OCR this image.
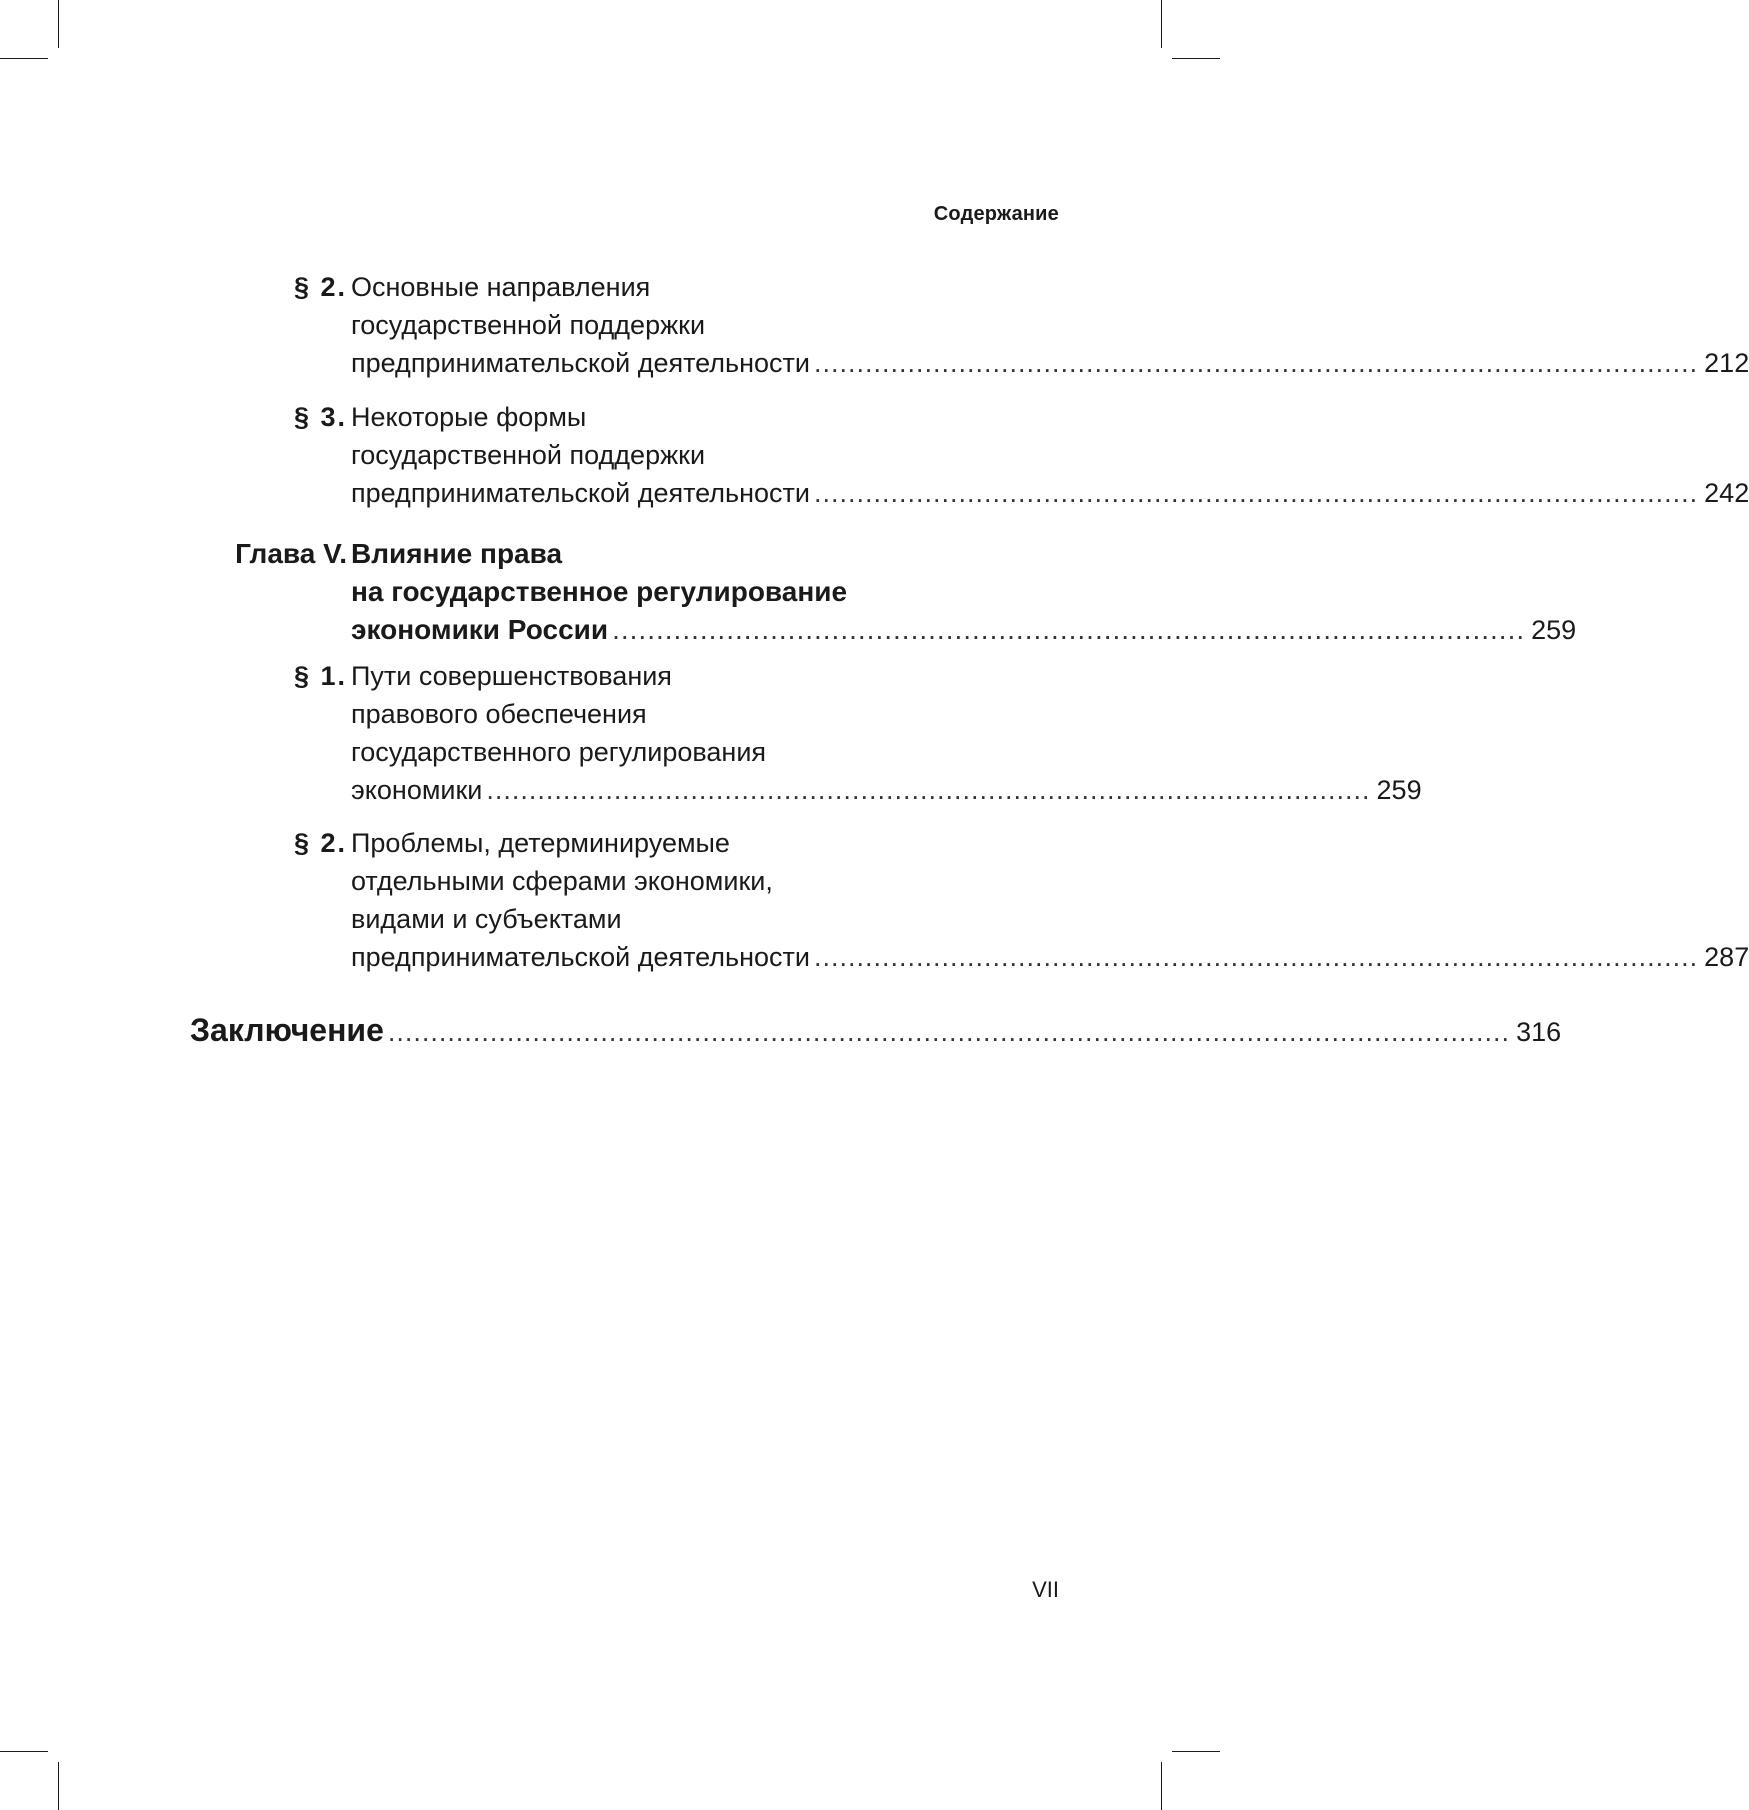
Содержание
§ 2. Основные направления
государственной поддержки
предпринимательской деятельности ........................................................................................................ 212
§ 3. Некоторые формы
государственной поддержки
предпринимательской деятельности ........................................................................................................ 242
Глава V. Влияние права
на государственное регулирование
экономики России ........................................................................................................ 259
§ 1. Пути совершенствования
правового обеспечения
государственного регулирования
экономики ........................................................................................................ 259
§ 2. Проблемы, детерминируемые
отдельными сферами экономики,
видами и субъектами
предпринимательской деятельности ........................................................................................................ 287
Заключение .................................................................................................................................... 316
VII
